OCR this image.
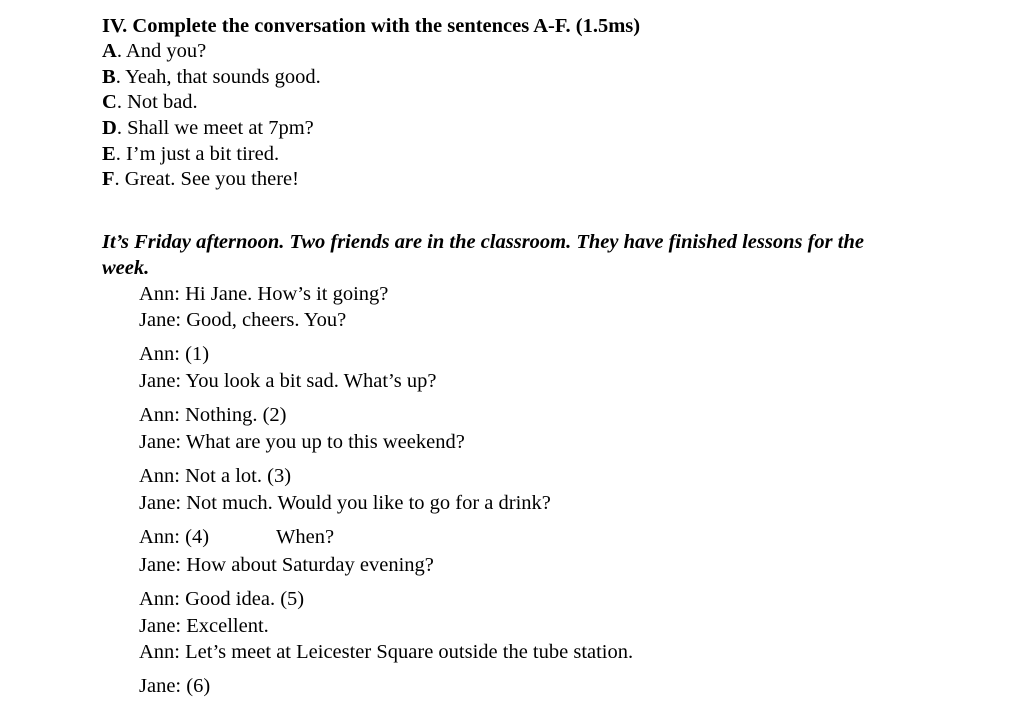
IV. Complete the conversation with the sentences A-F. (1.5ms)
A. And you?
B. Yeah, that sounds good.
C. Not bad.
D. Shall we meet at 7pm?
E. I’m just a bit tired.
F. Great. See you there!
It’s Friday afternoon. Two friends are in the classroom. They have finished lessons for the week.
Ann: Hi Jane. How’s it going?
Jane: Good, cheers. You?
Ann: (1)
Jane: You look a bit sad. What’s up?
Ann: Nothing. (2)
Jane: What are you up to this weekend?
Ann: Not a lot. (3)
Jane: Not much. Would you like to go for a drink?
Ann: (4)	When?
Jane: How about Saturday evening?
Ann: Good idea. (5)
Jane: Excellent.
Ann: Let’s meet at Leicester Square outside the tube station.
Jane: (6)
